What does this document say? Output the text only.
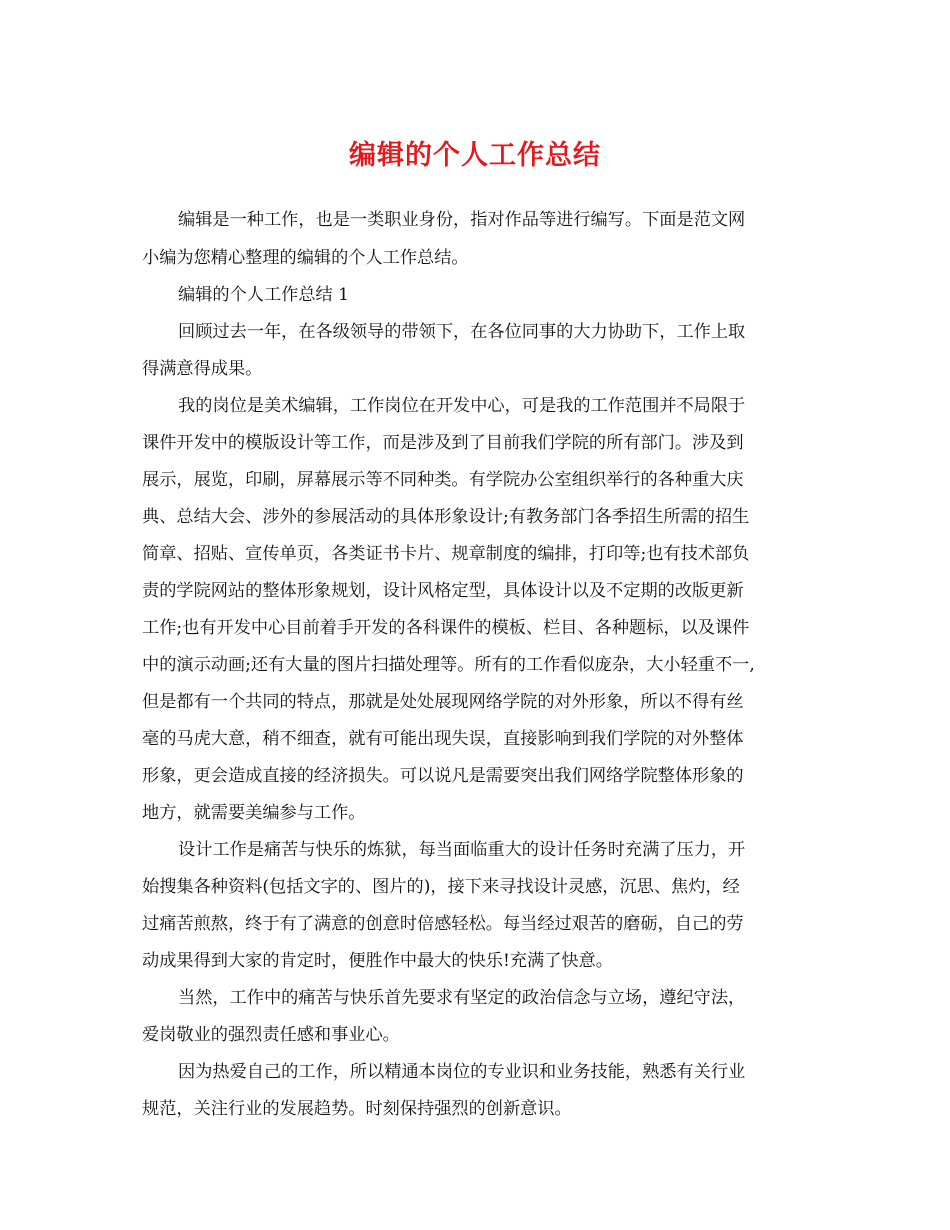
编辑的个人工作总结
编辑是一种工作，也是一类职业身份，指对作品等进行编写。下面是范文网
小编为您精心整理的编辑的个人工作总结。
编辑的个人工作总结 1
回顾过去一年，在各级领导的带领下，在各位同事的大力协助下，工作上取
得满意得成果。
我的岗位是美术编辑，工作岗位在开发中心，可是我的工作范围并不局限于
课件开发中的模版设计等工作，而是涉及到了目前我们学院的所有部门。涉及到
展示，展览，印刷，屏幕展示等不同种类。有学院办公室组织举行的各种重大庆
典、总结大会、涉外的参展活动的具体形象设计;有教务部门各季招生所需的招生
简章、招贴、宣传单页，各类证书卡片、规章制度的编排，打印等;也有技术部负
责的学院网站的整体形象规划，设计风格定型，具体设计以及不定期的改版更新
工作;也有开发中心目前着手开发的各科课件的模板、栏目、各种题标，以及课件
中的演示动画;还有大量的图片扫描处理等。所有的工作看似庞杂，大小轻重不一,
但是都有一个共同的特点，那就是处处展现网络学院的对外形象，所以不得有丝
毫的马虎大意，稍不细查，就有可能出现失误，直接影响到我们学院的对外整体
形象，更会造成直接的经济损失。可以说凡是需要突出我们网络学院整体形象的
地方，就需要美编参与工作。
设计工作是痛苦与快乐的炼狱，每当面临重大的设计任务时充满了压力，开
始搜集各种资料(包括文字的、图片的)，接下来寻找设计灵感，沉思、焦灼，经
过痛苦煎熬，终于有了满意的创意时倍感轻松。每当经过艰苦的磨砺，自己的劳
动成果得到大家的肯定时，便胜作中最大的快乐!充满了快意。
当然，工作中的痛苦与快乐首先要求有坚定的政治信念与立场，遵纪守法，
爱岗敬业的强烈责任感和事业心。
因为热爱自己的工作，所以精通本岗位的专业识和业务技能，熟悉有关行业
规范，关注行业的发展趋势。时刻保持强烈的创新意识。
